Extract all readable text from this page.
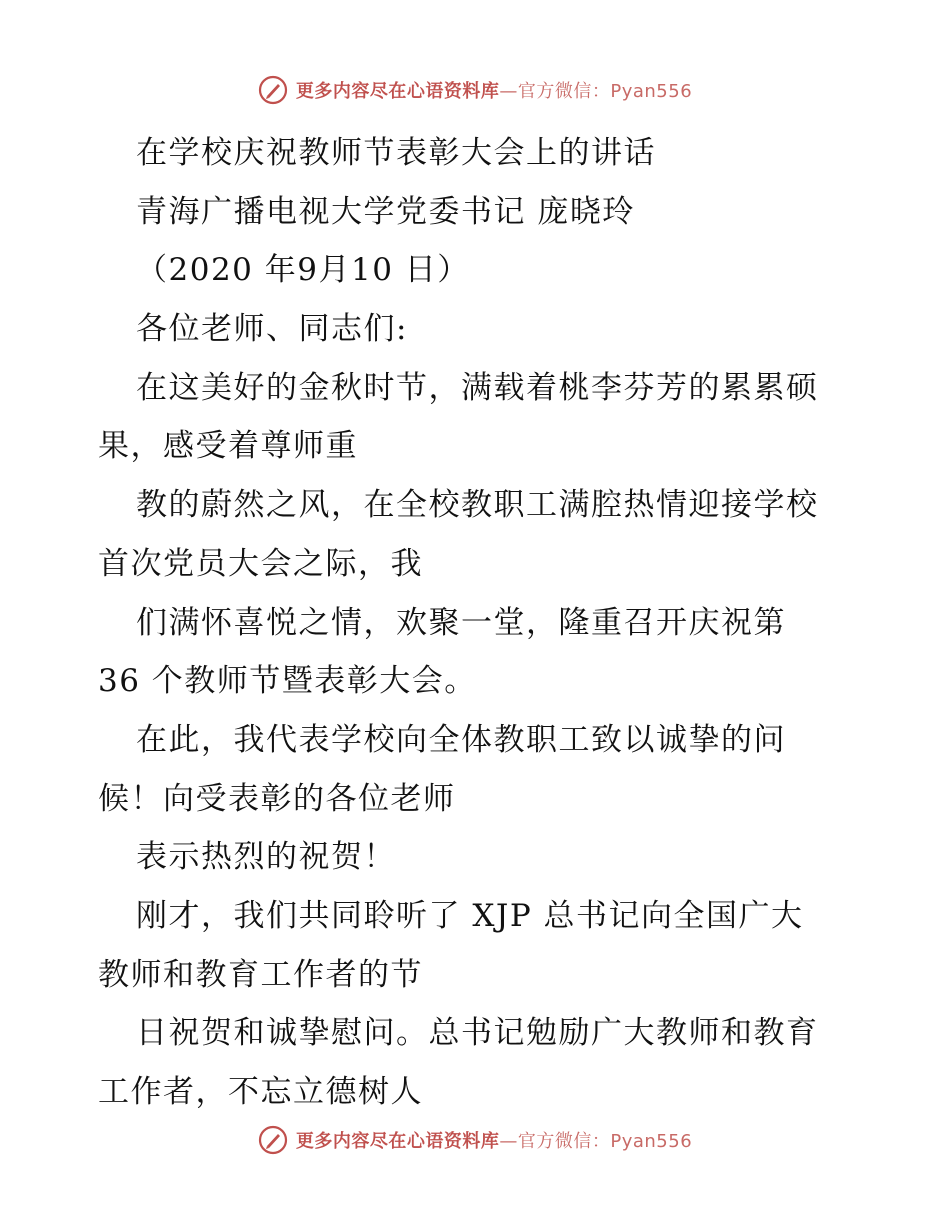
更多内容尽在心语资料库—官方微信：Pyan556
在学校庆祝教师节表彰大会上的讲话
青海广播电视大学党委书记 庞晓玲
（2020 年9月10 日）
各位老师、同志们:
在这美好的金秋时节，满载着桃李芬芳的累累硕
果，感受着尊师重
教的蔚然之风，在全校教职工满腔热情迎接学校
首次党员大会之际，我
们满怀喜悦之情，欢聚一堂，隆重召开庆祝第
36 个教师节暨表彰大会。
在此，我代表学校向全体教职工致以诚挚的问
候！向受表彰的各位老师
表示热烈的祝贺！
刚才，我们共同聆听了 XJP 总书记向全国广大
教师和教育工作者的节
日祝贺和诚挚慰问。总书记勉励广大教师和教育
工作者，不忘立德树人
更多内容尽在心语资料库—官方微信：Pyan556
